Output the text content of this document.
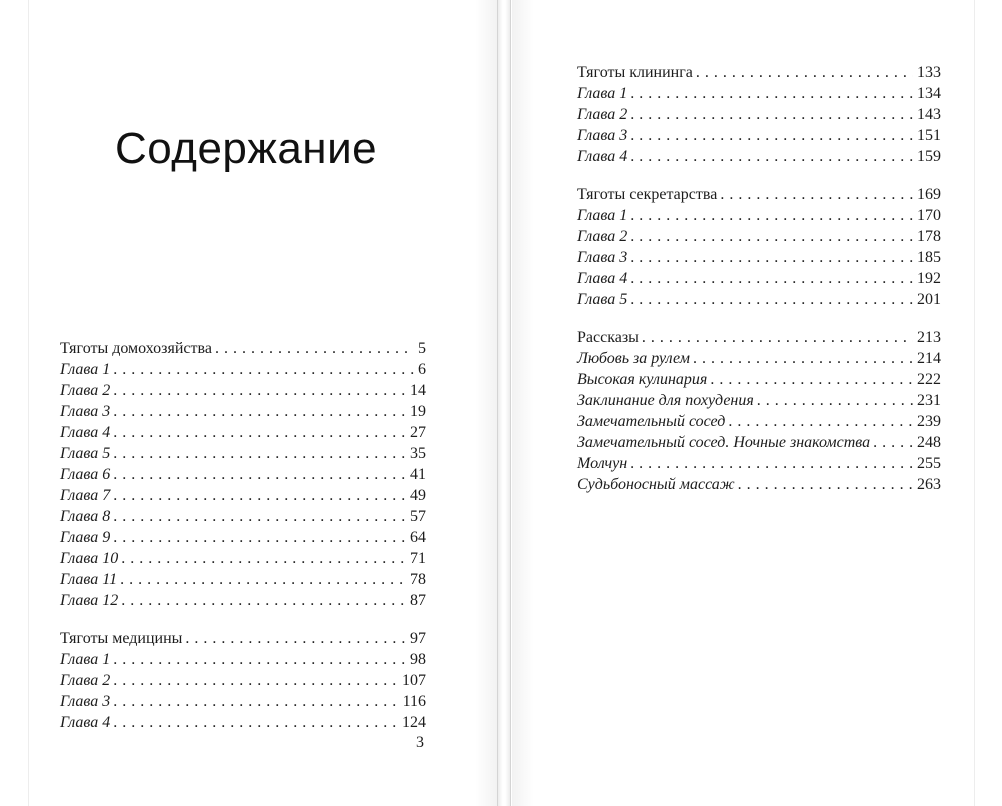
Содержание
Тяготы домохозяйства .....	5
Глава 1 .....	6
Глава 2 .....	14
Глава 3 .....	19
Глава 4 .....	27
Глава 5 .....	35
Глава 6 .....	41
Глава 7 .....	49
Глава 8 .....	57
Глава 9 .....	64
Глава 10 .....	71
Глава 11 .....	78
Глава 12 .....	87
Тяготы медицины .....	97
Глава 1 .....	98
Глава 2 .....	107
Глава 3 .....	116
Глава 4 .....	124
3
Тяготы клининга .....	133
Глава 1 .....	134
Глава 2 .....	143
Глава 3 .....	151
Глава 4 .....	159
Тяготы секретарства .....	169
Глава 1 .....	170
Глава 2 .....	178
Глава 3 .....	185
Глава 4 .....	192
Глава 5 .....	201
Рассказы .....	213
Любовь за рулем .....	214
Высокая кулинария .....	222
Заклинание для похудения .....	231
Замечательный сосед .....	239
Замечательный сосед. Ночные знакомства .....	248
Молчун .....	255
Судьбоносный массаж .....	263
